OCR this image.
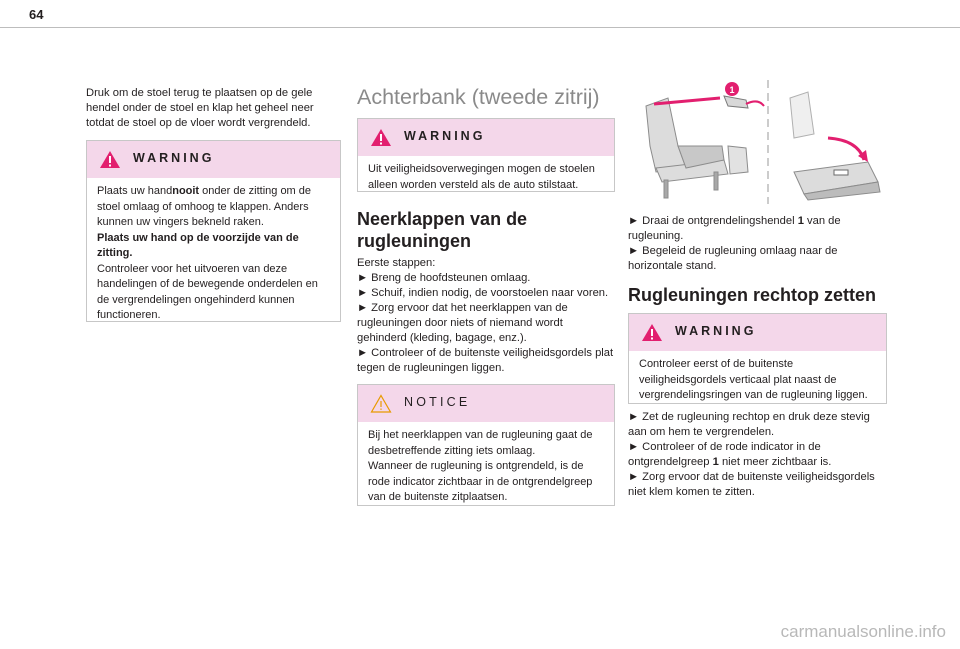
64
Druk om de stoel terug te plaatsen op de gele hendel onder de stoel en klap het geheel neer totdat de stoel op de vloer wordt vergrendeld.
WARNING
Plaats uw handnooit onder de zitting om de stoel omlaag of omhoog te klappen. Anders kunnen uw vingers bekneld raken.
Plaats uw hand op de voorzijde van de zitting.
Controleer voor het uitvoeren van deze handelingen of de bewegende onderdelen en de vergrendelingen ongehinderd kunnen functioneren.
Achterbank (tweede zitrij)
WARNING
Uit veiligheidsoverwegingen mogen de stoelen alleen worden versteld als de auto stilstaat.
Neerklappen van de rugleuningen
Eerste stappen:
► Breng de hoofdsteunen omlaag.
► Schuif, indien nodig, de voorstoelen naar voren.
► Zorg ervoor dat het neerklappen van de rugleuningen door niets of niemand wordt gehinderd (kleding, bagage, enz.).
► Controleer of de buitenste veiligheidsgordels plat tegen de rugleuningen liggen.
NOTICE
Bij het neerklappen van de rugleuning gaat de desbetreffende zitting iets omlaag.
Wanneer de rugleuning is ontgrendeld, is de rode indicator zichtbaar in de ontgrendelgreep van de buitenste zitplaatsen.
1
► Draai de ontgrendelingshendel 1 van de rugleuning.
► Begeleid de rugleuning omlaag naar de horizontale stand.
Rugleuningen rechtop zetten
WARNING
Controleer eerst of de buitenste veiligheidsgordels verticaal plat naast de vergrendelingsringen van de rugleuning liggen.
► Zet de rugleuning rechtop en druk deze stevig aan om hem te vergrendelen.
► Controleer of de rode indicator in de ontgrendelgreep 1 niet meer zichtbaar is.
► Zorg ervoor dat de buitenste veiligheidsgordels niet klem komen te zitten.
carmanualsonline.info
